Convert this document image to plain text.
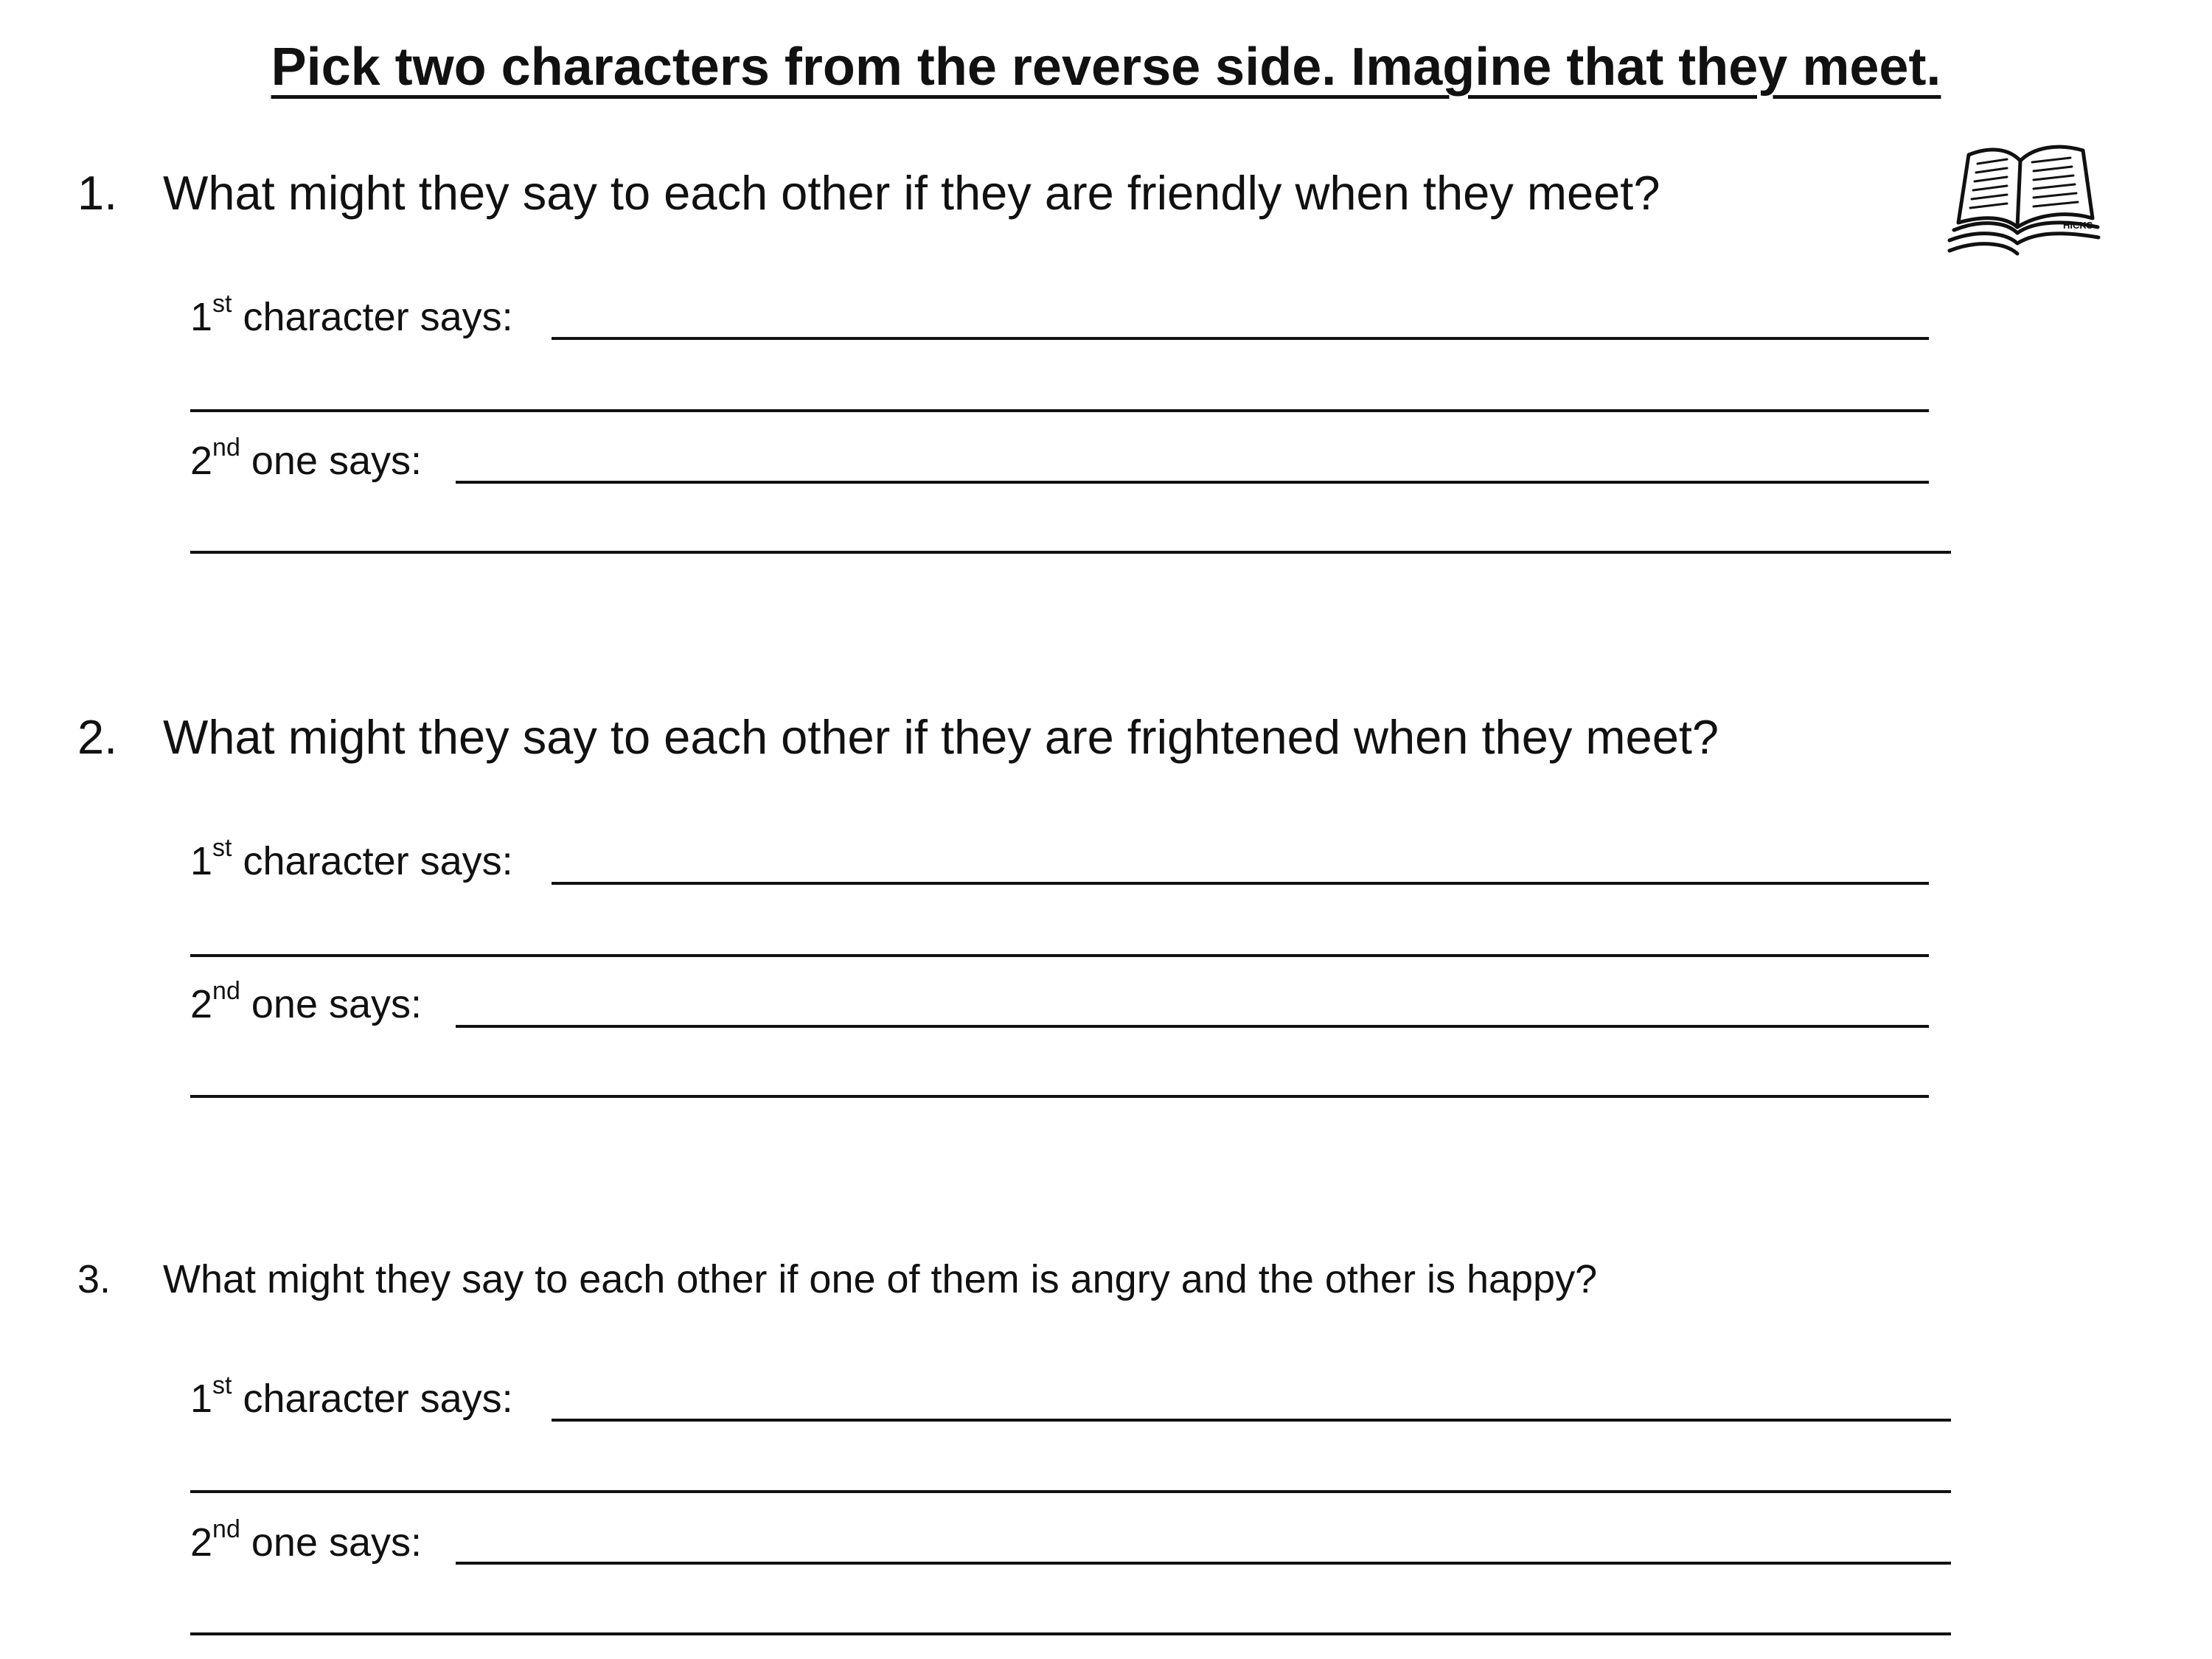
Pick two characters from the reverse side. Imagine that they meet.
HICKS
1. What might they say to each other if they are friendly when they meet?
1st character says:
2nd one says:
2. What might they say to each other if they are frightened when they meet?
1st character says:
2nd one says:
3. What might they say to each other if one of them is angry and the other is happy?
1st character says:
2nd one says:
